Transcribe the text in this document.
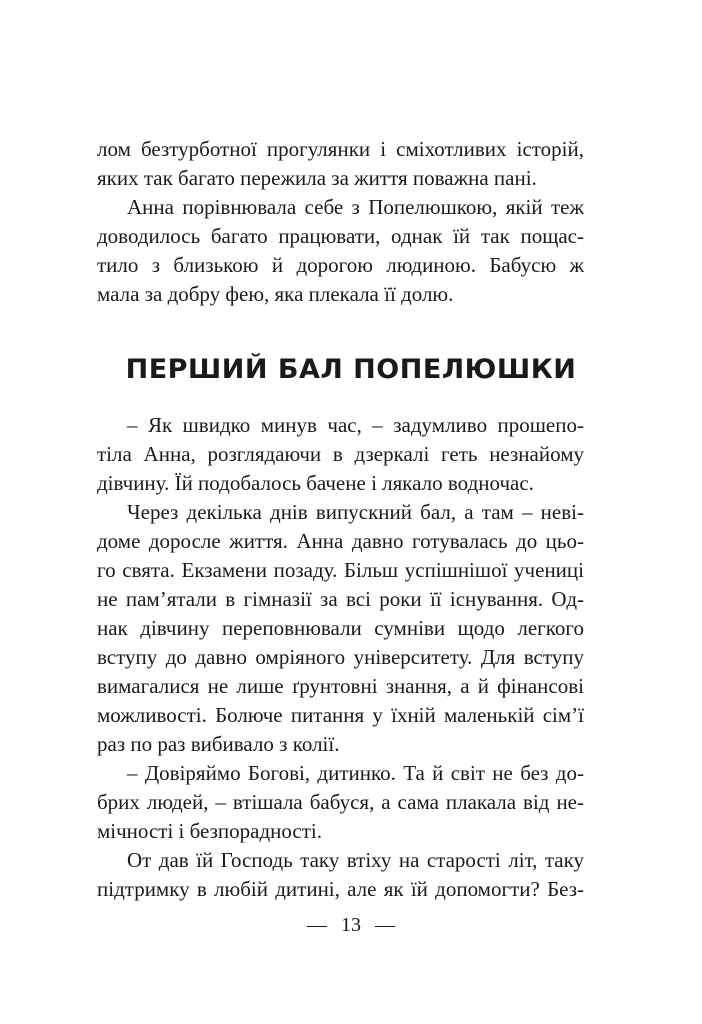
лом безтурботної прогулянки і сміхотливих історій,
яких так багато пережила за життя поважна пані.
Анна порівнювала себе з Попелюшкою, якій теж
доводилось багато працювати, однак їй так пощас-
тило з близькою й дорогою людиною. Бабусю ж
мала за добру фею, яка плекала її долю.
ПЕРШИЙ БАЛ ПОПЕЛЮШКИ
– Як швидко минув час, – задумливо прошепо-
тіла Анна, розглядаючи в дзеркалі геть незнайому
дівчину. Їй подобалось бачене і лякало водночас.
Через декілька днів випускний бал, а там – неві-
доме доросле життя. Анна давно готувалась до цьо-
го свята. Екзамени позаду. Більш успішнішої учениці
не пам’ятали в гімназії за всі роки її існування. Од-
нак дівчину переповнювали сумніви щодо легкого
вступу до давно омріяного університету. Для вступу
вимагалися не лише ґрунтовні знання, а й фінансові
можливості. Болюче питання у їхній маленькій сім’ї
раз по раз вибивало з колії.
– Довіряймо Богові, дитинко. Та й світ не без до-
брих людей, – втішала бабуся, а сама плакала від не-
мічності і безпорадності.
От дав їй Господь таку втіху на старості літ, таку
підтримку в любій дитині, але як їй допомогти? Без-
— 13 —
